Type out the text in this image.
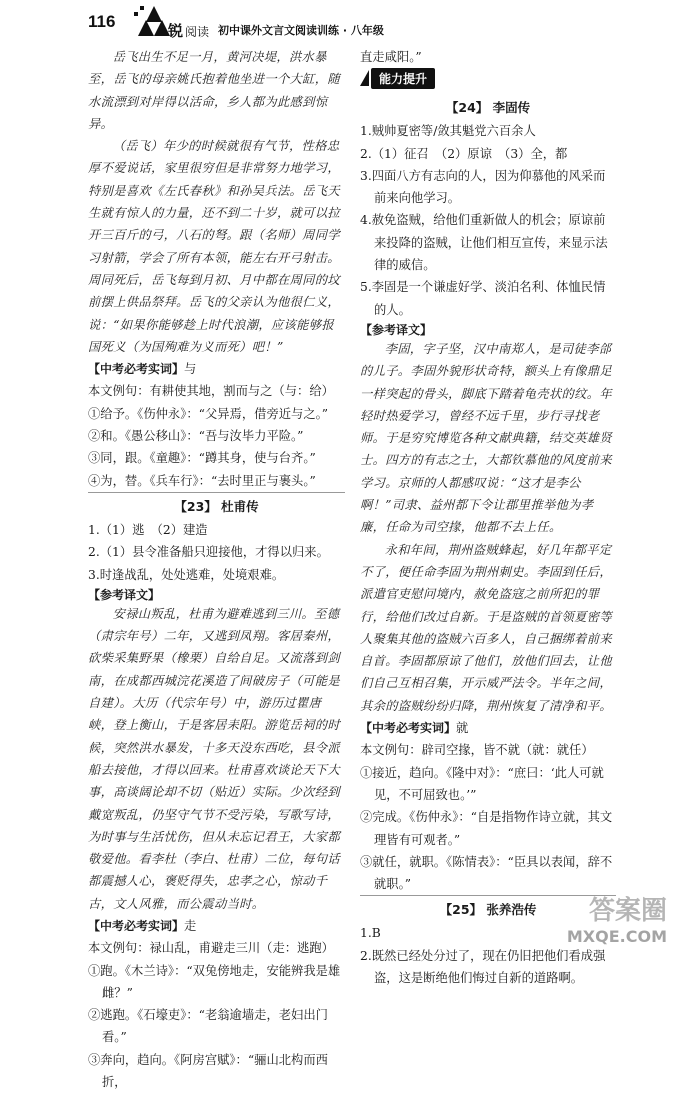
116	锐 阅读 初中课外文言文阅读训练 · 八年级

岳飞出生不足一月，黄河决堤，洪水暴至，岳飞的母亲姚氏抱着他坐进一个大缸，随水流漂到对岸得以活命，乡人都为此感到惊异。

（岳飞）年少的时候就很有气节，性格忠厚不爱说话，家里很穷但是非常努力地学习，特别是喜欢《左氏春秋》和孙吴兵法。岳飞天生就有惊人的力量，还不到二十岁，就可以拉开三百斤的弓，八石的弩。跟（名师）周同学习射箭，学会了所有本领，能左右开弓射击。周同死后，岳飞每到月初、月中都在周同的坟前摆上供品祭拜。岳飞的父亲认为他很仁义，说：“如果你能够趁上时代浪潮，应该能够报国死义（为国殉难为义而死）吧！”

【中考必考实词】与

本文例句：有耕使其地，割而与之（与：给）

①给予。《伤仲永》：“父异焉，借旁近与之。”

②和。《愚公移山》：“吾与汝毕力平险。”

③同，跟。《童趣》：“蹲其身，使与台齐。”

④为，替。《兵车行》：“去时里正与裹头。”

【23】 杜甫传

1.（1）逃　（2）建造

2.（1）县令准备船只迎接他，才得以归来。

3.时逢战乱，处处逃难，处境艰难。

【参考译文】

安禄山叛乱，杜甫为避难逃到三川。至德（肃宗年号）二年，又逃到凤翔。客居秦州，砍柴采集野果（橡栗）自给自足。又流落到剑南，在成都西城浣花溪造了间破房子（可能是自建）。大历（代宗年号）中，游历过瞿唐峡，登上衡山，于是客居耒阳。游览岳祠的时候，突然洪水暴发，十多天没东西吃，县令派船去接他，才得以回来。杜甫喜欢谈论天下大事，高谈阔论却不切（贴近）实际。少次经到戴宽叛乱，仍坚守气节不受污染，写歌写诗，为时事与生活忧伤，但从未忘记君王，大家都敬爱他。看李杜（李白、杜甫）二位，每句话都震撼人心，褒贬得失，忠孝之心，惊动千古，文人风雅，而公震动当时。

【中考必考实词】走

本文例句：禄山乱，甫避走三川（走：逃跑）

①跑。《木兰诗》：“双兔傍地走，安能辨我是雄雌？”

②逃跑。《石壕吏》：“老翁逾墙走，老妇出门看。”

③奔向，趋向。《阿房宫赋》：“骊山北构而西折，

直走咸阳。”

能力提升

【24】 李固传

1.贼帅夏密等/敛其魁党六百余人

2.（1）征召　（2）原谅　（3）全，都

3.四面八方有志向的人，因为仰慕他的风采而前来向他学习。

4.赦免盗贼，给他们重新做人的机会；原谅前来投降的盗贼，让他们相互宣传，来显示法律的威信。

5.李固是一个谦虚好学、淡泊名利、体恤民情的人。

【参考译文】

李固，字子坚，汉中南郑人，是司徒李郃的儿子。李固外貌形状奇特，额头上有像鼎足一样突起的骨头，脚底下踏着龟壳状的纹。年轻时热爱学习，曾经不远千里，步行寻找老师。于是穷究博览各种文献典籍，结交英雄贤士。四方的有志之士，大都钦慕他的风度前来学习。京师的人都感叹说：“这才是李公啊！”司隶、益州都下令让郡里推举他为孝廉，任命为司空掾，他都不去上任。

永和年间，荆州盗贼蜂起，好几年都平定不了，便任命李固为荆州刺史。李固到任后，派遣官吏慰问境内，赦免盗寇之前所犯的罪行，给他们改过自新。于是盗贼的首领夏密等人聚集其他的盗贼六百多人，自己捆绑着前来自首。李固都原谅了他们，放他们回去，让他们自己互相召集，开示威严法令。半年之间，其余的盗贼纷纷归降，荆州恢复了清净和平。

【中考必考实词】就

本文例句：辟司空掾，皆不就（就：就任）

①接近，趋向。《隆中对》：“庶曰：‘此人可就见，不可屈致也。’”

②完成。《伤仲永》：“自是指物作诗立就，其文理皆有可观者。”

③就任，就职。《陈情表》：“臣具以表闻，辞不就职。”

【25】 张养浩传

1.B

2.既然已经处分过了，现在仍旧把他们看成强盗，这是断绝他们悔过自新的道路啊。

答案圈
MXQE.COM
